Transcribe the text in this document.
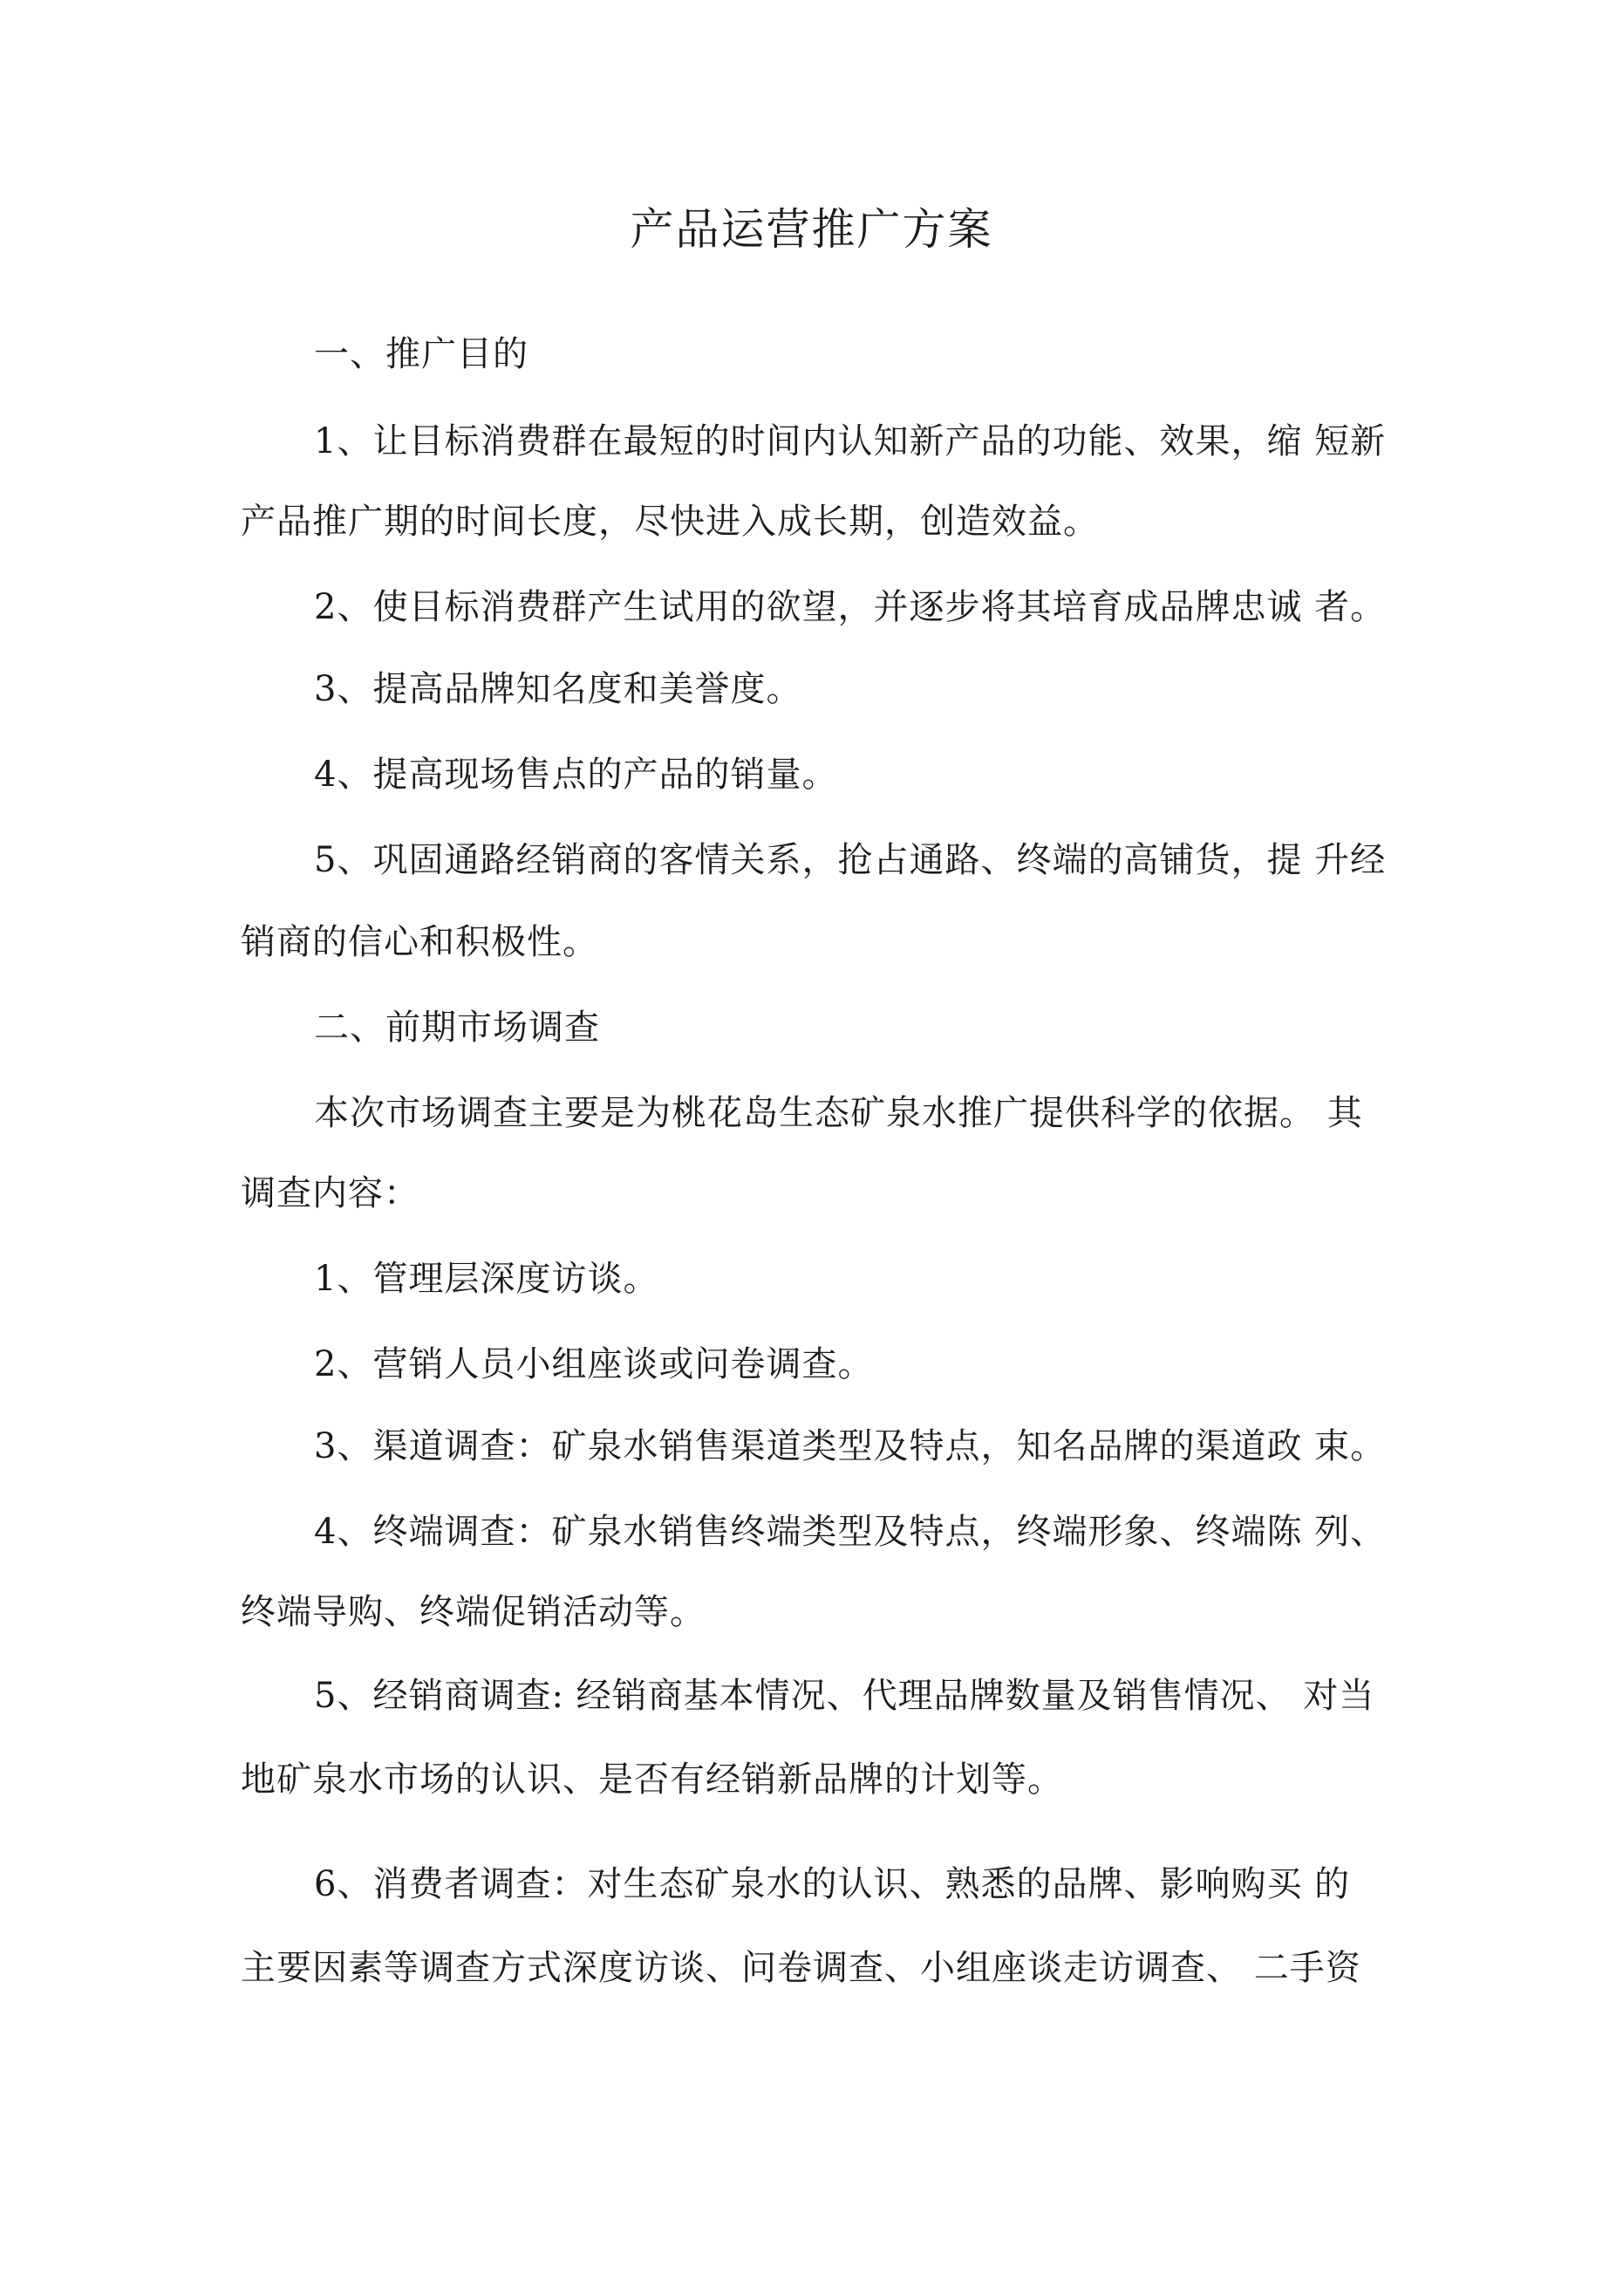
产品运营推广方案
一、推广目的
1、让目标消费群在最短的时间内认知新产品的功能、效果，缩 短新
产品推广期的时间长度，尽快进入成长期，创造效益。
2、使目标消费群产生试用的欲望，并逐步将其培育成品牌忠诚 者。
3、提高品牌知名度和美誉度。
4、提高现场售点的产品的销量。
5、巩固通路经销商的客情关系，抢占通路、终端的高铺货，提 升经
销商的信心和积极性。
二、前期市场调查
本次市场调查主要是为桃花岛生态矿泉水推广提供科学的依据。 其
调查内容：
1、管理层深度访谈。
2、营销人员小组座谈或问卷调查。
3、渠道调查：矿泉水销售渠道类型及特点，知名品牌的渠道政 束。
4、终端调查：矿泉水销售终端类型及特点，终端形象、终端陈 列、
终端导购、终端促销活动等。
5、经销商调查: 经销商基本情况、代理品牌数量及销售情况、 对当
地矿泉水市场的认识、是否有经销新品牌的计划等。
6、消费者调查：对生态矿泉水的认识、熟悉的品牌、影响购买 的
主要因素等调查方式深度访谈、问卷调查、小组座谈走访调查、 二手资
